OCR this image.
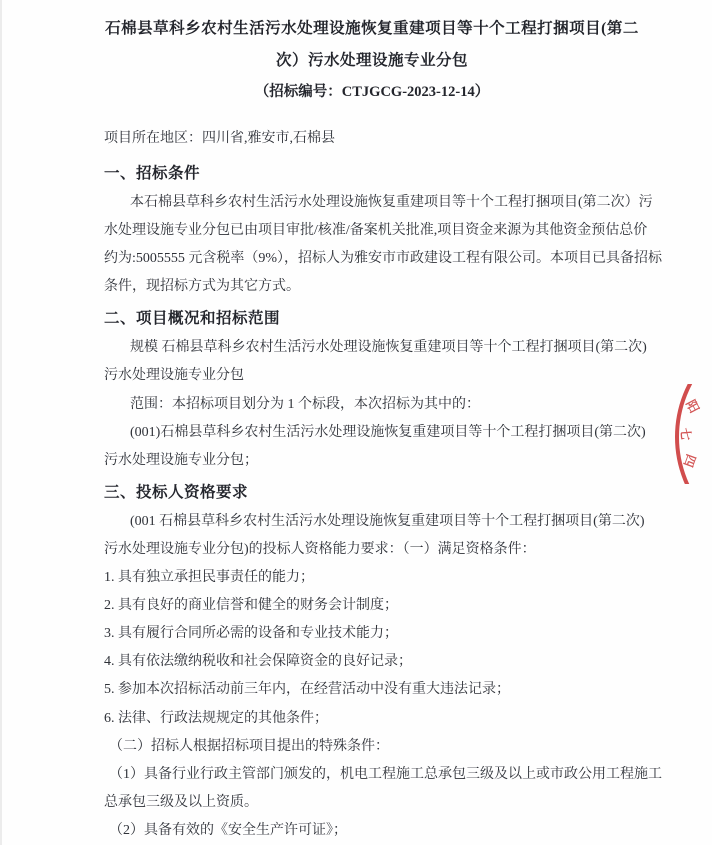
石棉县草科乡农村生活污水处理设施恢复重建项目等十个工程打捆项目(第二
次）污水处理设施专业分包
（招标编号：CTJGCG-2023-12-14）
项目所在地区：四川省,雅安市,石棉县
一、招标条件
本石棉县草科乡农村生活污水处理设施恢复重建项目等十个工程打捆项目(第二次）污
水处理设施专业分包已由项目审批/核准/备案机关批准,项目资金来源为其他资金预估总价
约为:5005555 元含税率（9%），招标人为雅安市市政建设工程有限公司。本项目已具备招标
条件，现招标方式为其它方式。
二、项目概况和招标范围
规模 石棉县草科乡农村生活污水处理设施恢复重建项目等十个工程打捆项目(第二次)
污水处理设施专业分包
范围：本招标项目划分为 1 个标段，本次招标为其中的：
(001)石棉县草科乡农村生活污水处理设施恢复重建项目等十个工程打捆项目(第二次)
污水处理设施专业分包；
三、投标人资格要求
(001 石棉县草科乡农村生活污水处理设施恢复重建项目等十个工程打捆项目(第二次)
污水处理设施专业分包)的投标人资格能力要求：（一）满足资格条件：
1. 具有独立承担民事责任的能力；
2. 具有良好的商业信誉和健全的财务会计制度；
3. 具有履行合同所必需的设备和专业技术能力；
4. 具有依法缴纳税收和社会保障资金的良好记录；
5. 参加本次招标活动前三年内，在经营活动中没有重大违法记录；
6. 法律、行政法规规定的其他条件；
（二）招标人根据招标项目提出的特殊条件：
（1）具备行业行政主管部门颁发的，机电工程施工总承包三级及以上或市政公用工程施工
总承包三级及以上资质。
（2）具备有效的《安全生产许可证》；
阳
七
四
